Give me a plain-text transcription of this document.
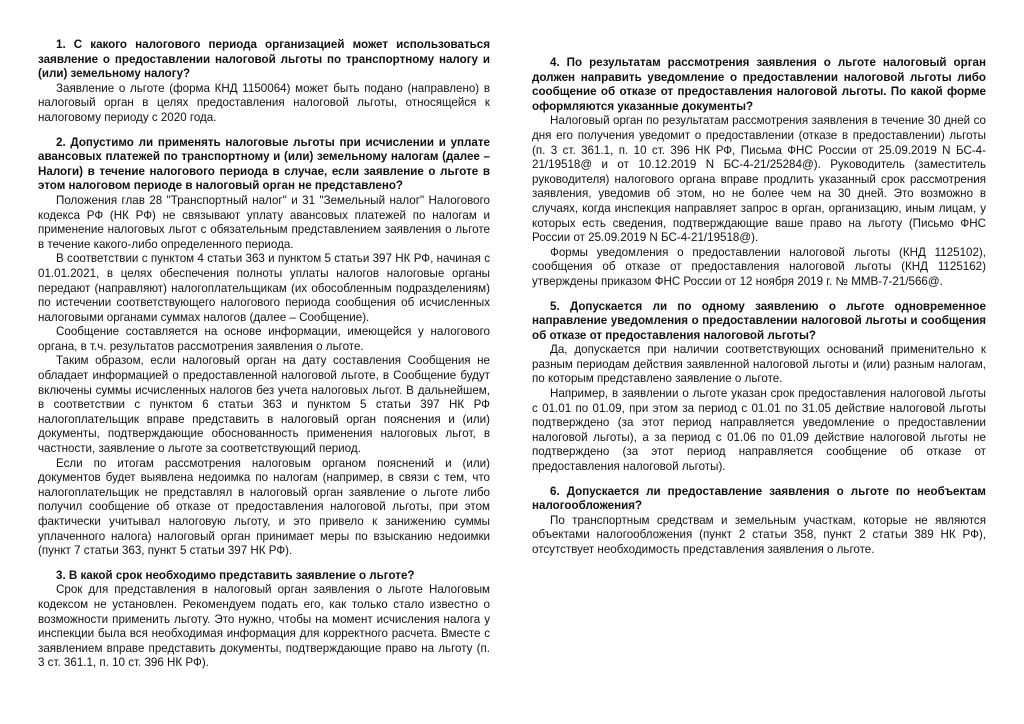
1. С какого налогового периода организацией может использоваться заявление о предоставлении налоговой льготы по транспортному налогу и (или) земельному налогу?

Заявление о льготе (форма КНД 1150064) может быть подано (направлено) в налоговый орган в целях предоставления налоговой льготы, относящейся к налоговому периоду с 2020 года.

2. Допустимо ли применять налоговые льготы при исчислении и уплате авансовых платежей по транспортному и (или) земельному налогам (далее – Налоги) в течение налогового периода в случае, если заявление о льготе в этом налоговом периоде в налоговый орган не представлено?

Положения глав 28 "Транспортный налог" и 31 "Земельный налог" Налогового кодекса РФ (НК РФ) не связывают уплату авансовых платежей по налогам и применение налоговых льгот с обязательным представлением заявления о льготе в течение какого-либо определенного периода.

В соответствии с пунктом 4 статьи 363 и пунктом 5 статьи 397 НК РФ, начиная с 01.01.2021, в целях обеспечения полноты уплаты налогов налоговые органы передают (направляют) налогоплательщикам (их обособленным подразделениям) по истечении соответствующего налогового периода сообщения об исчисленных налоговыми органами суммах налогов (далее – Сообщение).

Сообщение составляется на основе информации, имеющейся у налогового органа, в т.ч. результатов рассмотрения заявления о льготе.

Таким образом, если налоговый орган на дату составления Сообщения не обладает информацией о предоставленной налоговой льготе, в Сообщение будут включены суммы исчисленных налогов без учета налоговых льгот. В дальнейшем, в соответствии с пунктом 6 статьи 363 и пунктом 5 статьи 397 НК РФ налогоплательщик вправе представить в налоговый орган пояснения и (или) документы, подтверждающие обоснованность применения налоговых льгот, в частности, заявление о льготе за соответствующий период.

Если по итогам рассмотрения налоговым органом пояснений и (или) документов будет выявлена недоимка по налогам (например, в связи с тем, что налогоплательщик не представлял в налоговый орган заявление о льготе либо получил сообщение об отказе от предоставления налоговой льготы, при этом фактически учитывал налоговую льготу, и это привело к занижению суммы уплаченного налога) налоговый орган принимает меры по взысканию недоимки (пункт 7 статьи 363, пункт 5 статьи 397 НК РФ).

3. В какой срок необходимо представить заявление о льготе?

Срок для представления в налоговый орган заявления о льготе Налоговым кодексом не установлен. Рекомендуем подать его, как только стало известно о возможности применить льготу. Это нужно, чтобы на момент исчисления налога у инспекции была вся необходимая информация для корректного расчета. Вместе с заявлением вправе представить документы, подтверждающие право на льготу (п. 3 ст. 361.1, п. 10 ст. 396 НК РФ).

4. По результатам рассмотрения заявления о льготе налоговый орган должен направить уведомление о предоставлении налоговой льготы либо сообщение об отказе от предоставления налоговой льготы. По какой форме оформляются указанные документы?

Налоговый орган по результатам рассмотрения заявления в течение 30 дней со дня его получения уведомит о предоставлении (отказе в предоставлении) льготы (п. 3 ст. 361.1, п. 10 ст. 396 НК РФ, Письма ФНС России от 25.09.2019 N БС-4-21/19518@ и от 10.12.2019 N БС-4-21/25284@). Руководитель (заместитель руководителя) налогового органа вправе продлить указанный срок рассмотрения заявления, уведомив об этом, но не более чем на 30 дней. Это возможно в случаях, когда инспекция направляет запрос в орган, организацию, иным лицам, у которых есть сведения, подтверждающие ваше право на льготу (Письмо ФНС России от 25.09.2019 N БС-4-21/19518@).

Формы уведомления о предоставлении налоговой льготы (КНД 1125102), сообщения об отказе от предоставления налоговой льготы (КНД 1125162) утверждены приказом ФНС России от 12 ноября 2019 г. № ММВ-7-21/566@.

5. Допускается ли по одному заявлению о льготе одновременное направление уведомления о предоставлении налоговой льготы и сообщения об отказе от предоставления налоговой льготы?

Да, допускается при наличии соответствующих оснований применительно к разным периодам действия заявленной налоговой льготы и (или) разным налогам, по которым представлено заявление о льготе.

Например, в заявлении о льготе указан срок предоставления налоговой льготы с 01.01 по 01.09, при этом за период с 01.01 по 31.05 действие налоговой льготы подтверждено (за этот период направляется уведомление о предоставлении налоговой льготы), а за период с 01.06 по 01.09 действие налоговой льготы не подтверждено (за этот период направляется сообщение об отказе от предоставления налоговой льготы).

6. Допускается ли предоставление заявления о льготе по необъектам налогообложения?

По транспортным средствам и земельным участкам, которые не являются объектами налогообложения (пункт 2 статьи 358, пункт 2 статьи 389 НК РФ), отсутствует необходимость представления заявления о льготе.
